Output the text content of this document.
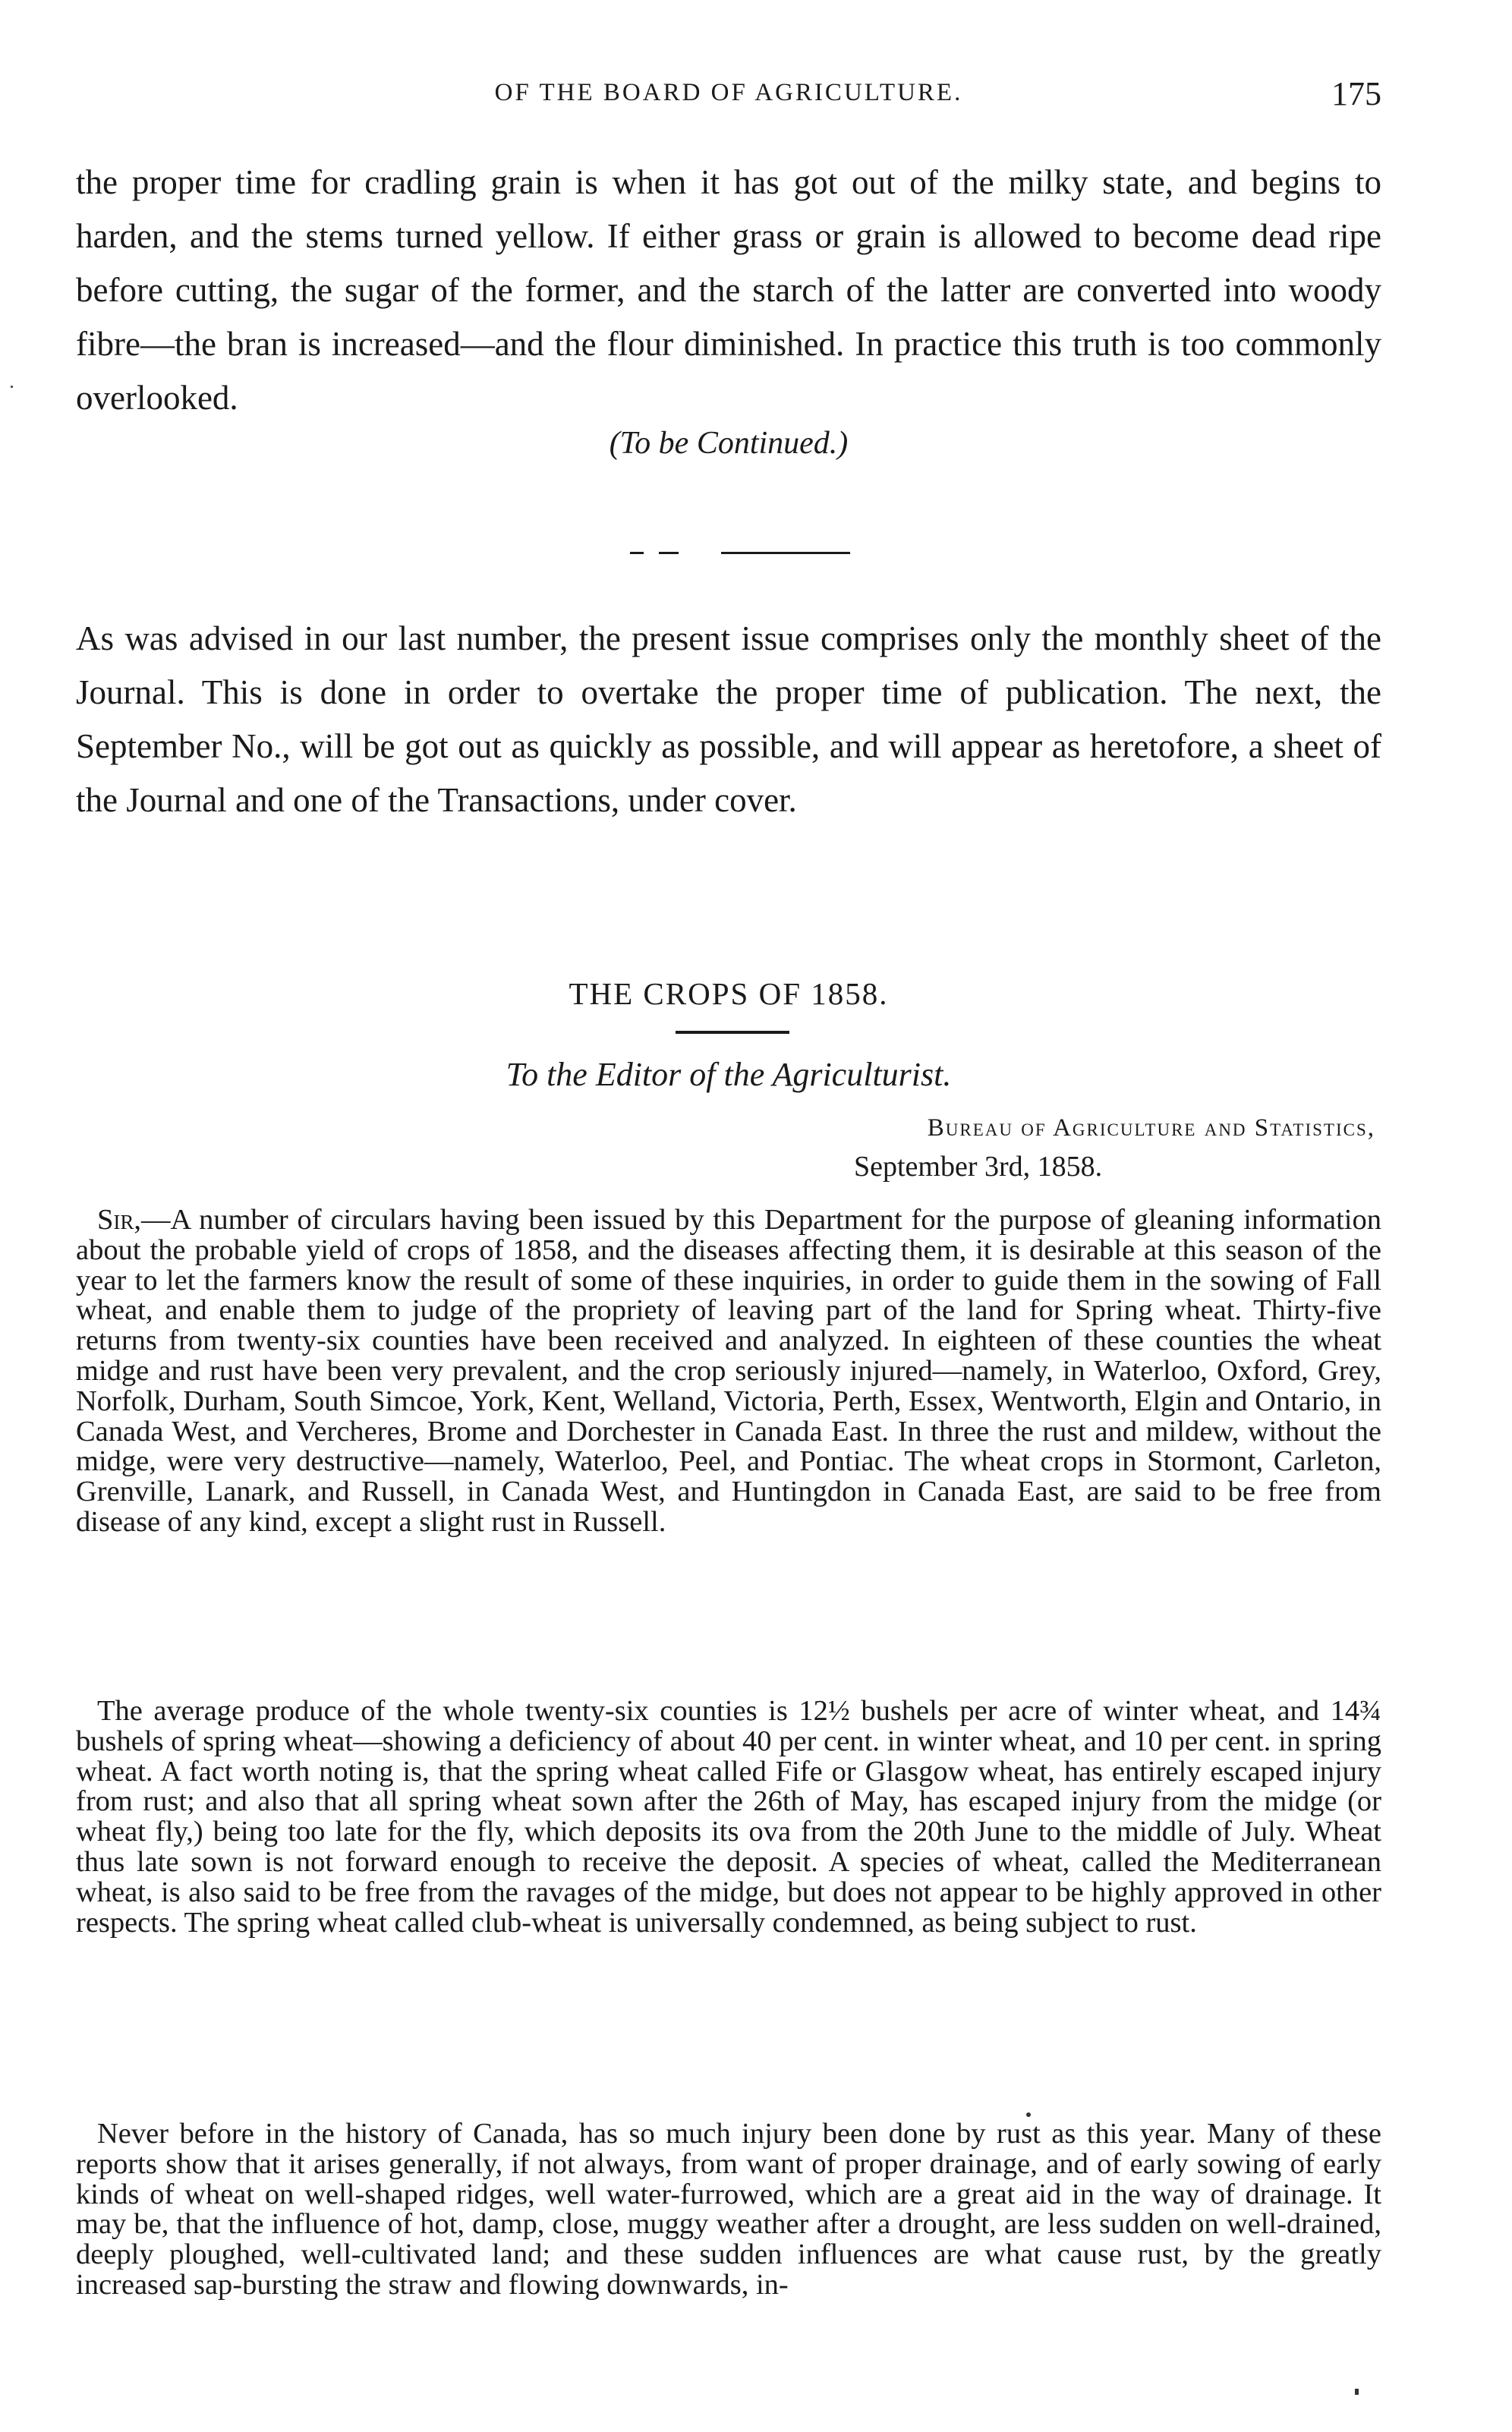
OF THE BOARD OF AGRICULTURE.	175

the proper time for cradling grain is when it has got out of the milky state, and begins to harden, and the stems turned yellow. If either grass or grain is allowed to become dead ripe before cutting, the sugar of the former, and the starch of the latter are converted into woody fibre—the bran is increased—and the flour diminished. In practice this truth is too commonly overlooked.

(To be Continued.)

As was advised in our last number, the present issue comprises only the monthly sheet of the Journal. This is done in order to overtake the proper time of publication. The next, the September No., will be got out as quickly as possible, and will appear as heretofore, a sheet of the Journal and one of the Transactions, under cover.

THE CROPS OF 1858.
To the Editor of the Agriculturist.
Bureau of Agriculture and Statistics,
September 3rd, 1858.

Sir,—A number of circulars having been issued by this Department for the purpose of gleaning information about the probable yield of crops of 1858, and the diseases affecting them, it is desirable at this season of the year to let the farmers know the result of some of these inquiries, in order to guide them in the sowing of Fall wheat, and enable them to judge of the propriety of leaving part of the land for Spring wheat. Thirty-five returns from twenty-six counties have been received and analyzed. In eighteen of these counties the wheat midge and rust have been very prevalent, and the crop seriously injured—namely, in Waterloo, Oxford, Grey, Norfolk, Durham, South Simcoe, York, Kent, Welland, Victoria, Perth, Essex, Wentworth, Elgin and Ontario, in Canada West, and Vercheres, Brome and Dorchester in Canada East. In three the rust and mildew, without the midge, were very destructive—namely, Waterloo, Peel, and Pontiac. The wheat crops in Stormont, Carleton, Grenville, Lanark, and Russell, in Canada West, and Huntingdon in Canada East, are said to be free from disease of any kind, except a slight rust in Russell.

The average produce of the whole twenty-six counties is 12½ bushels per acre of winter wheat, and 14¾ bushels of spring wheat—showing a deficiency of about 40 per cent. in winter wheat, and 10 per cent. in spring wheat. A fact worth noting is, that the spring wheat called Fife or Glasgow wheat, has entirely escaped injury from rust; and also that all spring wheat sown after the 26th of May, has escaped injury from the midge (or wheat fly,) being too late for the fly, which deposits its ova from the 20th June to the middle of July. Wheat thus late sown is not forward enough to receive the deposit. A species of wheat, called the Mediterranean wheat, is also said to be free from the ravages of the midge, but does not appear to be highly approved in other respects. The spring wheat called club-wheat is universally condemned, as being subject to rust.

Never before in the history of Canada, has so much injury been done by rust as this year. Many of these reports show that it arises generally, if not always, from want of proper drainage, and of early sowing of early kinds of wheat on well-shaped ridges, well water-furrowed, which are a great aid in the way of drainage. It may be, that the influence of hot, damp, close, muggy weather after a drought, are less sudden on well-drained, deeply ploughed, well-cultivated land; and these sudden influences are what cause rust, by the greatly increased sap-bursting the straw and flowing downwards, in-
